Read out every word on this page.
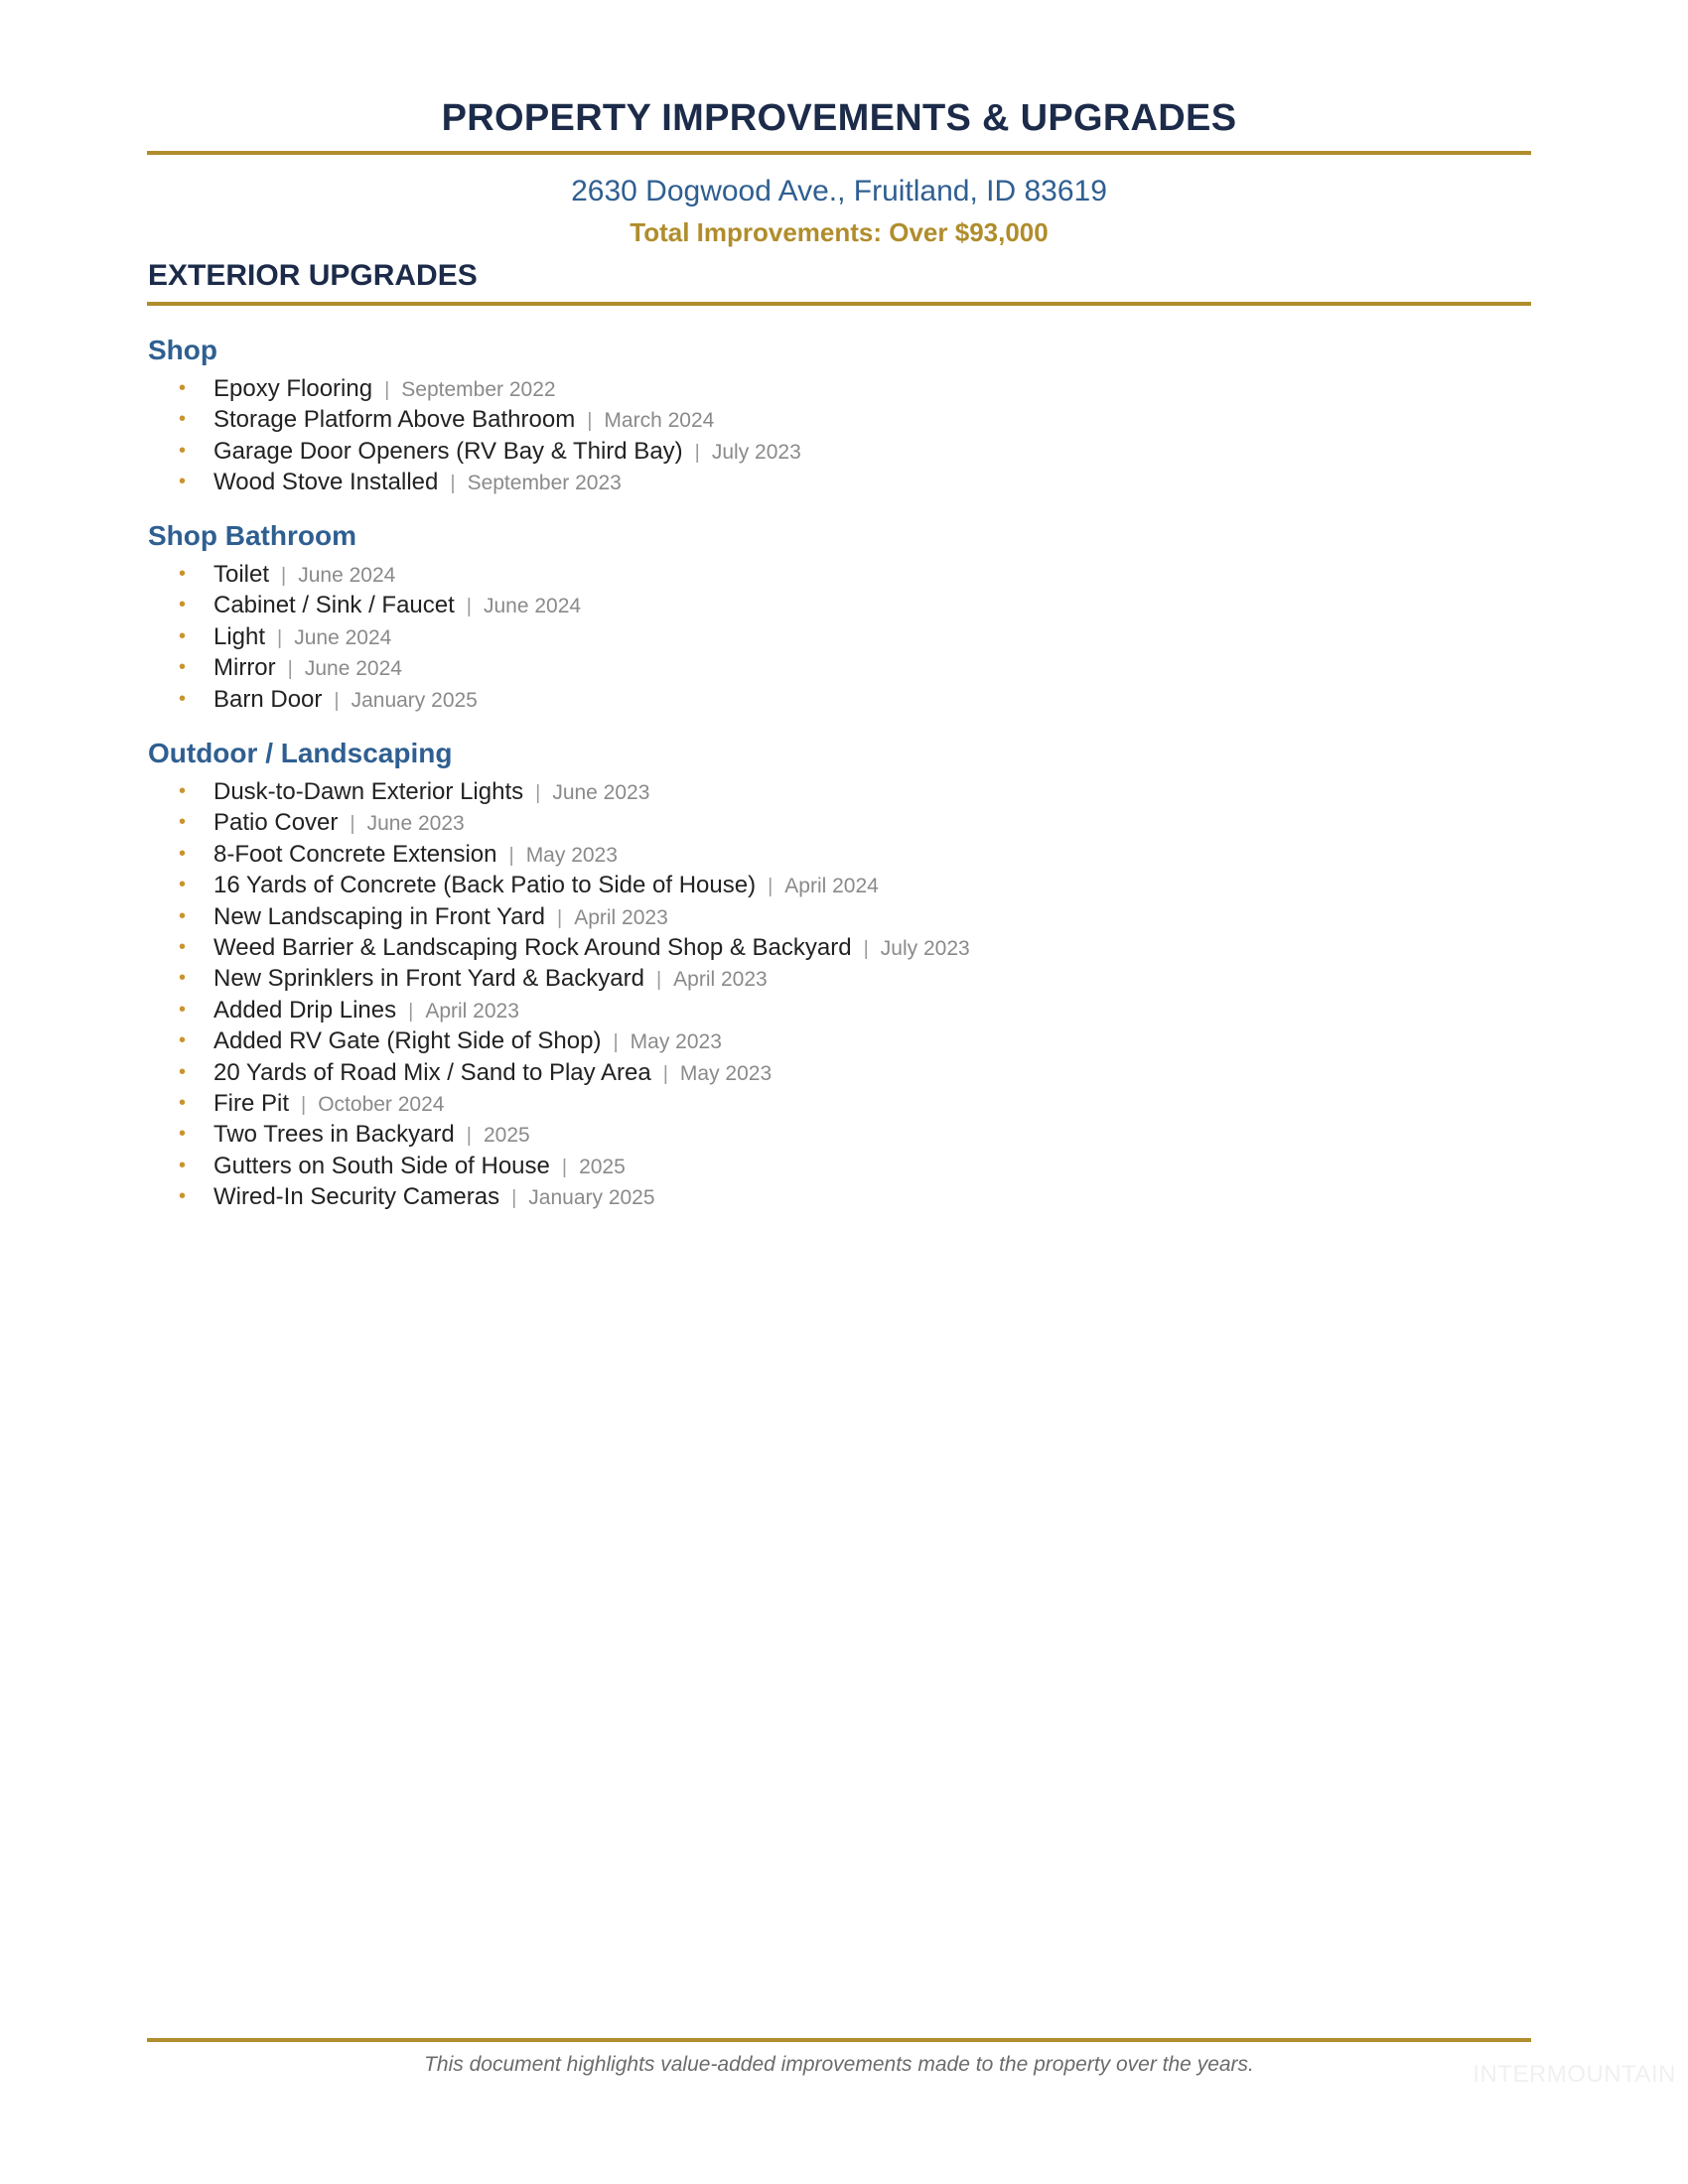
PROPERTY IMPROVEMENTS & UPGRADES
2630 Dogwood Ave., Fruitland, ID 83619
Total Improvements: Over $93,000
EXTERIOR UPGRADES
Shop
• Epoxy Flooring | September 2022
• Storage Platform Above Bathroom | March 2024
• Garage Door Openers (RV Bay & Third Bay) | July 2023
• Wood Stove Installed | September 2023
Shop Bathroom
• Toilet | June 2024
• Cabinet / Sink / Faucet | June 2024
• Light | June 2024
• Mirror | June 2024
• Barn Door | January 2025
Outdoor / Landscaping
• Dusk-to-Dawn Exterior Lights | June 2023
• Patio Cover | June 2023
• 8-Foot Concrete Extension | May 2023
• 16 Yards of Concrete (Back Patio to Side of House) | April 2024
• New Landscaping in Front Yard | April 2023
• Weed Barrier & Landscaping Rock Around Shop & Backyard | July 2023
• New Sprinklers in Front Yard & Backyard | April 2023
• Added Drip Lines | April 2023
• Added RV Gate (Right Side of Shop) | May 2023
• 20 Yards of Road Mix / Sand to Play Area | May 2023
• Fire Pit | October 2024
• Two Trees in Backyard | 2025
• Gutters on South Side of House | 2025
• Wired-In Security Cameras | January 2025
This document highlights value-added improvements made to the property over the years.	INTERMOUNTAIN
